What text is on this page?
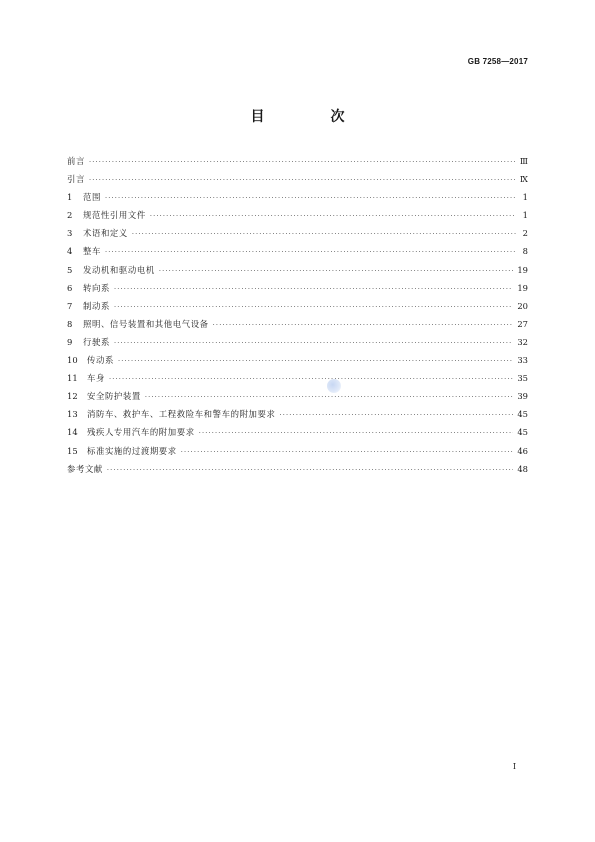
GB 7258—2017
目　次
前言 ·····	Ⅲ
引言 ·····	Ⅸ
1	范围 ·····	1
2	规范性引用文件 ·····	1
3	术语和定义 ·····	2
4	整车 ·····	8
5	发动机和驱动电机 ·····	19
6	转向系 ·····	19
7	制动系 ·····	20
8	照明、信号装置和其他电气设备 ·····	27
9	行驶系 ·····	32
10 传动系 ·····	33
11 车身 ·····	35
12 安全防护装置 ·····	39
13 消防车、救护车、工程救险车和警车的附加要求 ·····	45
14 残疾人专用汽车的附加要求 ·····	45
15 标准实施的过渡期要求 ·····	46
参考文献 ·····	48
Ⅰ
